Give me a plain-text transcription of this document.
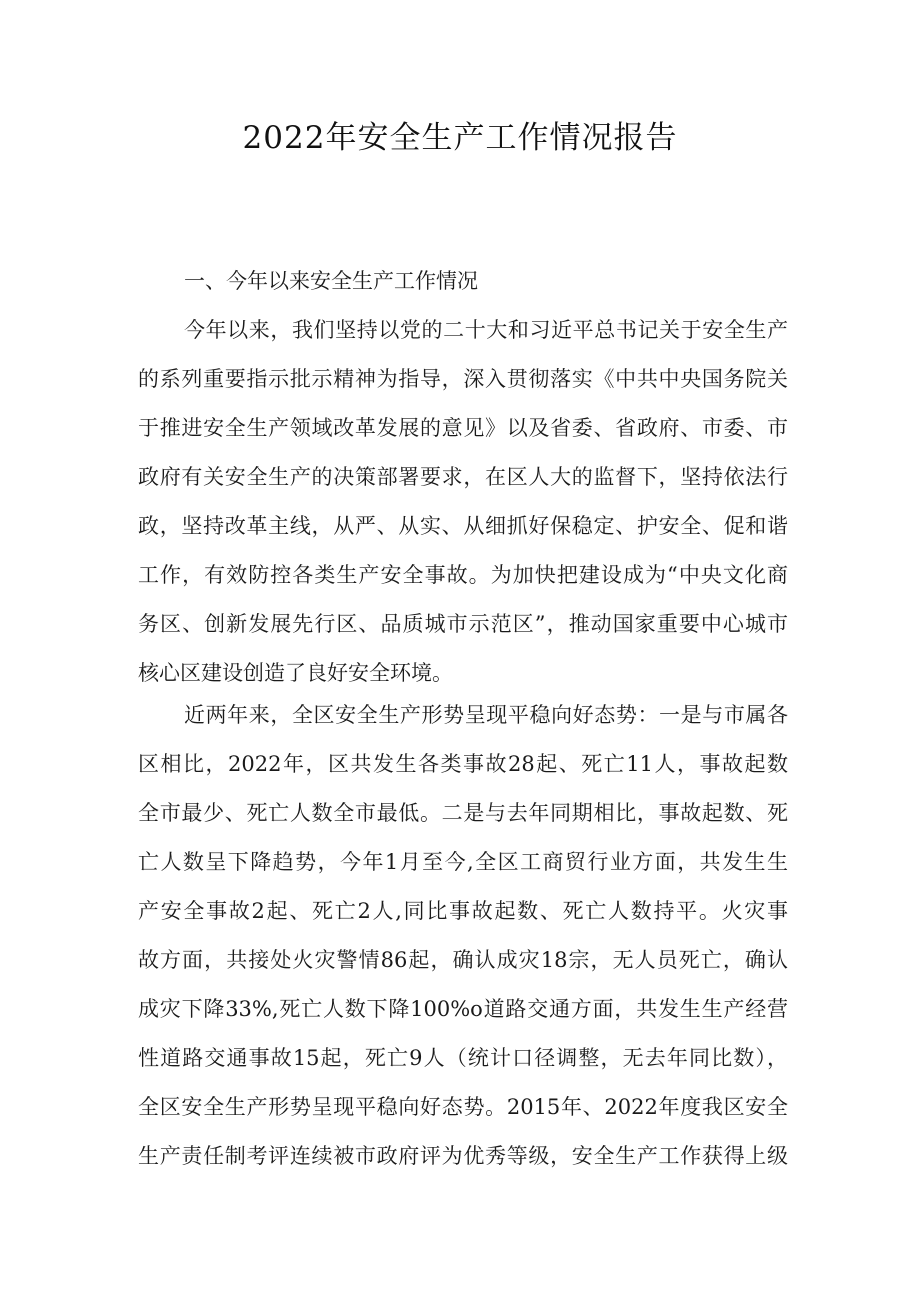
2022年安全生产工作情况报告
一、今年以来安全生产工作情况
今年以来，我们坚持以党的二十大和习近平总书记关于安全生产
的系列重要指示批示精神为指导，深入贯彻落实《中共中央国务院关
于推进安全生产领域改革发展的意见》以及省委、省政府、市委、市
政府有关安全生产的决策部署要求，在区人大的监督下，坚持依法行
政，坚持改革主线，从严、从实、从细抓好保稳定、护安全、促和谐
工作，有效防控各类生产安全事故。为加快把建设成为“中央文化商
务区、创新发展先行区、品质城市示范区”，推动国家重要中心城市
核心区建设创造了良好安全环境。
近两年来，全区安全生产形势呈现平稳向好态势：一是与市属各
区相比，2022年，区共发生各类事故28起、死亡11人，事故起数
全市最少、死亡人数全市最低。二是与去年同期相比，事故起数、死
亡人数呈下降趋势，今年1月至今,全区工商贸行业方面，共发生生
产安全事故2起、死亡2人,同比事故起数、死亡人数持平。火灾事
故方面，共接处火灾警情86起，确认成灾18宗，无人员死亡，确认
成灾下降33%,死亡人数下降100%o道路交通方面，共发生生产经营
性道路交通事故15起，死亡9人（统计口径调整，无去年同比数），
全区安全生产形势呈现平稳向好态势。2015年、2022年度我区安全
生产责任制考评连续被市政府评为优秀等级，安全生产工作获得上级
